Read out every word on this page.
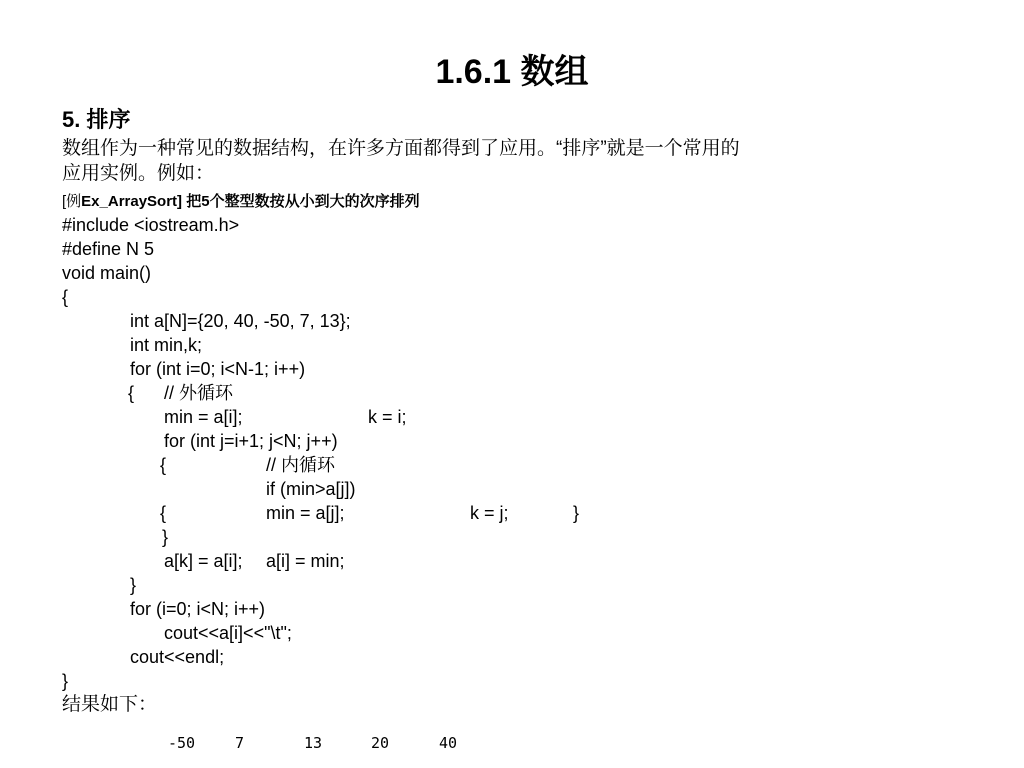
1.6.1 数组
5. 排序
数组作为一种常见的数据结构，在许多方面都得到了应用。“排序”就是一个常用的
应用实例。例如：
[例Ex_ArraySort] 把5个整型数按从小到大的次序排列
#include <iostream.h>
#define N 5
void main()
{
int a[N]={20, 40, -50, 7, 13};
int min,k;
for (int i=0; i<N-1; i++)
{ // 外循环
min = a[i];	k = i;
for (int j=i+1; j<N; j++)
{	// 内循环
if (min>a[j])
{	min = a[j];	k = j;	}
}
a[k] = a[i]; a[i] = min;
}
for (i=0; i<N; i++)
cout<<a[i]<<"\t";
cout<<endl;
}
结果如下：
-50	7	13	20	40
